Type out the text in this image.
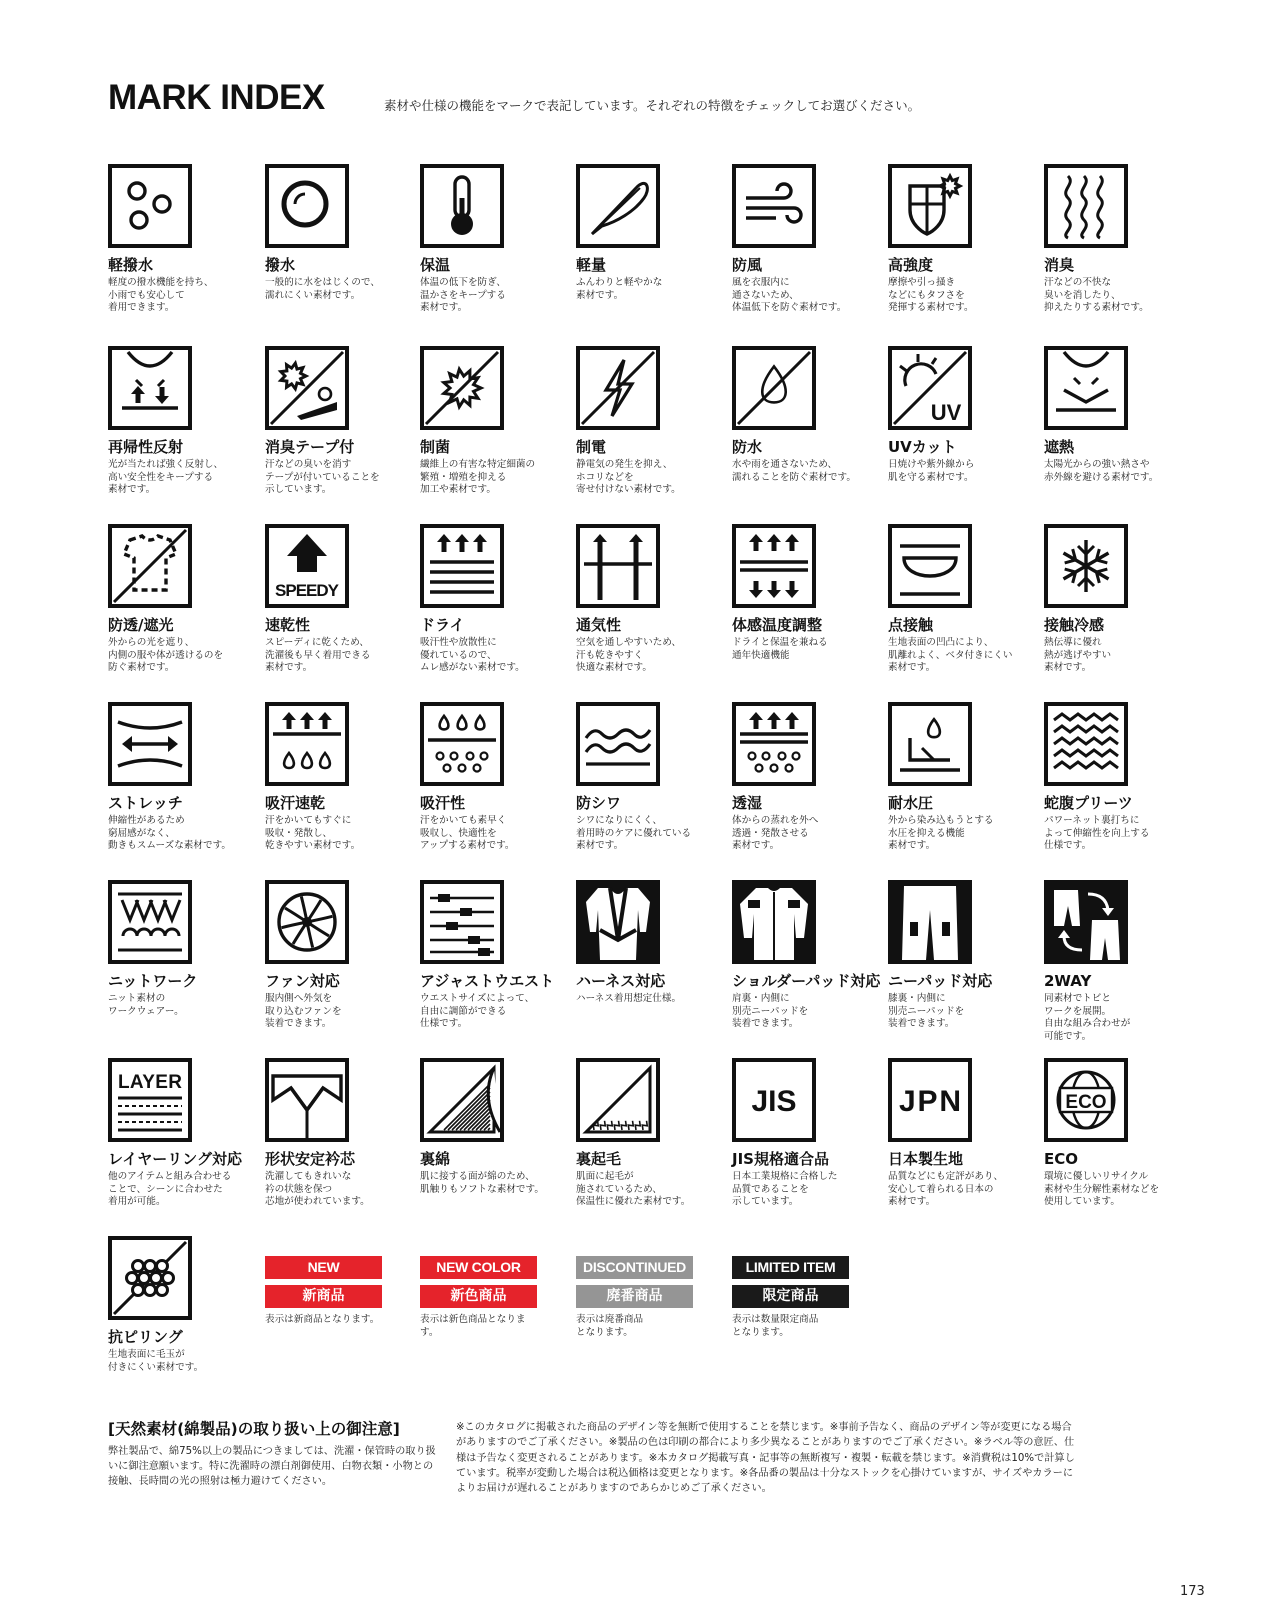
MARK INDEX	素材や仕様の機能をマークで表記しています。それぞれの特徴をチェックしてお選びください。
軽撥水
軽度の撥水機能を持ち、
小雨でも安心して
着用できます。
撥水
一般的に水をはじくので、
濡れにくい素材です。
保温
体温の低下を防ぎ、
温かさをキープする
素材です。
軽量
ふんわりと軽やかな
素材です。
防風
風を衣服内に
通さないため、
体温低下を防ぐ素材です。
高強度
摩擦や引っ掻き
などにもタフさを
発揮する素材です。
消臭
汗などの不快な
臭いを消したり、
抑えたりする素材です。
再帰性反射
光が当たれば強く反射し、
高い安全性をキープする
素材です。
消臭テープ付
汗などの臭いを消す
テープが付いていることを
示しています。
制菌
繊維上の有害な特定細菌の
繁殖・増殖を抑える
加工や素材です。
制電
静電気の発生を抑え、
ホコリなどを
寄せ付けない素材です。
防水
水や雨を通さないため、
濡れることを防ぐ素材です。
UV
UVカット
日焼けや紫外線から
肌を守る素材です。
遮熱
太陽光からの強い熱さや
赤外線を避ける素材です。
防透/遮光
外からの光を遮り、
内側の服や体が透けるのを
防ぐ素材です。
SPEEDY
速乾性
スピーディに乾くため、
洗濯後も早く着用できる
素材です。
ドライ
吸汗性や放散性に
優れているので、
ムレ感がない素材です。
通気性
空気を通しやすいため、
汗も乾きやすく
快適な素材です。
体感温度調整
ドライと保温を兼ねる
通年快適機能
点接触
生地表面の凹凸により、
肌離れよく、ベタ付きにくい
素材です。
接触冷感
熱伝導に優れ
熱が逃げやすい
素材です。
ストレッチ
伸縮性があるため
窮屈感がなく、
動きもスムーズな素材です。
吸汗速乾
汗をかいてもすぐに
吸収・発散し、
乾きやすい素材です。
吸汗性
汗をかいても素早く
吸収し、快適性を
アップする素材です。
防シワ
シワになりにくく、
着用時のケアに優れている
素材です。
透湿
体からの蒸れを外へ
透過・発散させる
素材です。
耐水圧
外から染み込もうとする
水圧を抑える機能
素材です。
蛇腹プリーツ
パワーネット裏打ちに
よって伸縮性を向上する
仕様です。
ニットワーク
ニット素材の
ワークウェアー。
ファン対応
服内側へ外気を
取り込むファンを
装着できます。
アジャストウエスト
ウエストサイズによって、
自由に調節ができる
仕様です。
ハーネス対応
ハーネス着用想定仕様。
ショルダーパッド対応
肩裏・内側に
別売ニーパッドを
装着できます。
ニーパッド対応
膝裏・内側に
別売ニーパッドを
装着できます。
2WAY
同素材でトビと
ワークを展開。
自由な組み合わせが
可能です。
LAYER
レイヤーリング対応
他のアイテムと組み合わせる
ことで、シーンに合わせた
着用が可能。
形状安定衿芯
洗濯してもきれいな
衿の状態を保つ
芯地が使われています。
裏綿
肌に接する面が綿のため、
肌触りもソフトな素材です。
裏起毛
肌面に起毛が
施されているため、
保温性に優れた素材です。
JIS
JIS規格適合品
日本工業規格に合格した
品質であることを
示しています。
JPN
日本製生地
品質などにも定評があり、
安心して着られる日本の
素材です。
ECO
ECO
環境に優しいリサイクル
素材や生分解性素材などを
使用しています。
抗ピリング
生地表面に毛玉が
付きにくい素材です。
NEW
新商品
表示は新商品となります。
NEW COLOR
新色商品
表示は新色商品となります。
DISCONTINUED
廃番商品
表示は廃番商品
となります。
LIMITED ITEM
限定商品
表示は数量限定商品
となります。
[天然素材(綿製品)の取り扱い上の御注意]
弊社製品で、綿75%以上の製品につきましては、洗濯・保管時の取り扱いに御注意願います。特に洗濯時の漂白剤御使用、白物衣類・小物との接触、長時間の光の照射は極力避けてください。
※このカタログに掲載された商品のデザイン等を無断で使用することを禁じます。※事前予告なく、商品のデザイン等が変更になる場合がありますのでご了承ください。※製品の色は印刷の都合により多少異なることがありますのでご了承ください。※ラベル等の意匠、仕様は予告なく変更されることがあります。※本カタログ掲載写真・記事等の無断複写・複製・転載を禁じます。※消費税は10%で計算しています。税率が変動した場合は税込価格は変更となります。※各品番の製品は十分なストックを心掛けていますが、サイズやカラーによりお届けが遅れることがありますのであらかじめご了承ください。
173
